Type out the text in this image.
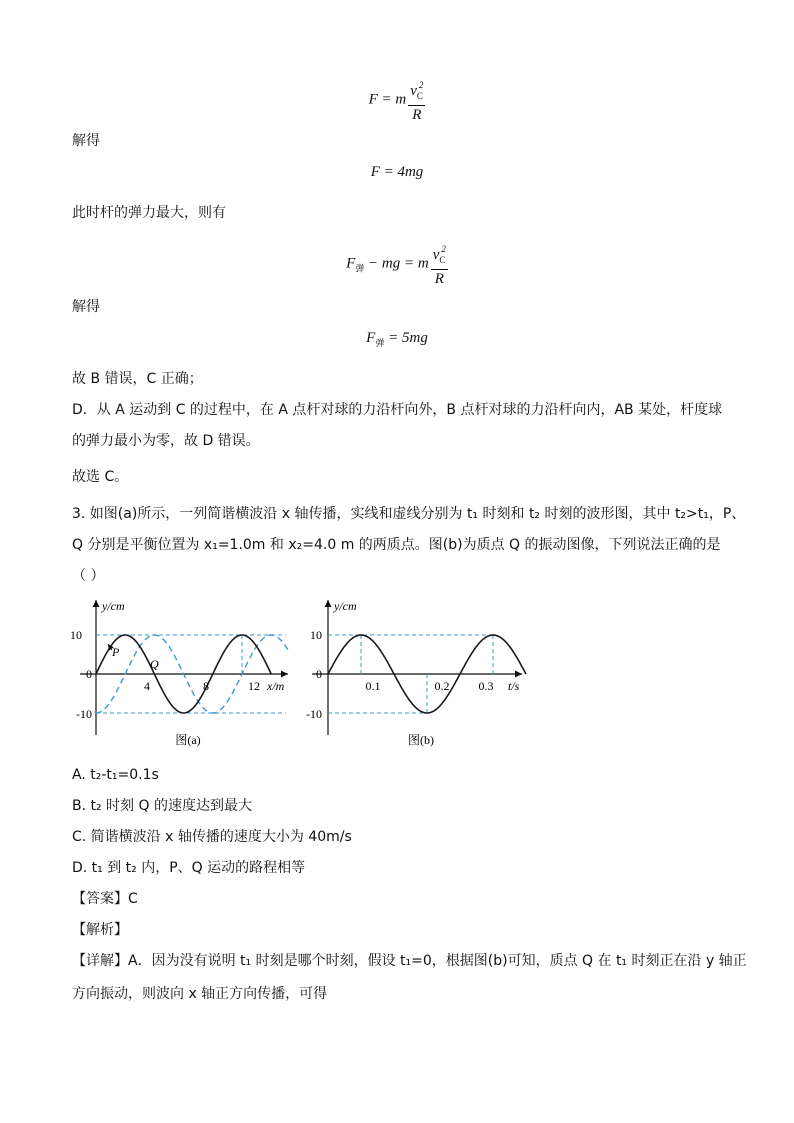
F = m $\frac{v_C^2}{R}$
解得
F = 4mg
此时杆的弹力最大，则有
$F_弹$ − mg = m $\frac{v_C^2}{R}$
解得
$F_弹 = 5mg$
故 B 错误，C 正确；
D．从 A 运动到 C 的过程中，在 A 点杆对球的力沿杆向外，B 点杆对球的力沿杆向内，AB 某处，杆度球
的弹力最小为零，故 D 错误。
故选 C。
3. 如图(a)所示，一列简谐横波沿 x 轴传播，实线和虚线分别为 t₁ 时刻和 t₂ 时刻的波形图，其中 t₂>t₁，P、
Q 分别是平衡位置为 x₁=1.0m 和 x₂=4.0 m 的两质点。图(b)为质点 Q 的振动图像，下列说法正确的是
（ ）
y/cm
x/m
10
0
-10
4	8	12
P
Q
图(a)
y/cm
t/s
10
0
-10
0.1	0.2 0.3
图(b)
A. t₂-t₁=0.1s
B. t₂ 时刻 Q 的速度达到最大
C. 简谐横波沿 x 轴传播的速度大小为 40m/s
D. t₁ 到 t₂ 内，P、Q 运动的路程相等
【答案】C
【解析】
【详解】A．因为没有说明 t₁ 时刻是哪个时刻，假设 t₁=0，根据图(b)可知，质点 Q 在 t₁ 时刻正在沿 y 轴正
方向振动，则波向 x 轴正方向传播，可得
